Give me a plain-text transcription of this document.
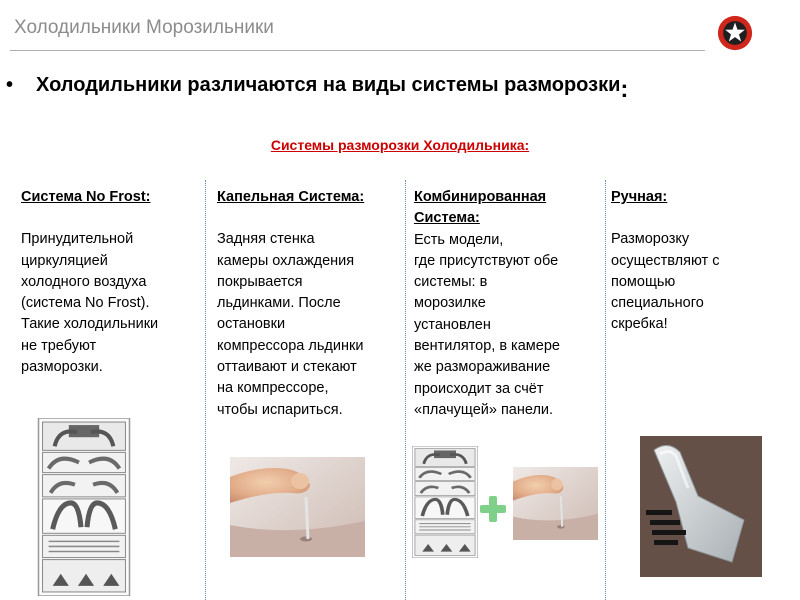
Холодильники Морозильники
• Холодильники различаются на виды системы разморозки:
Системы разморозки Холодильника:
Система No Frost:

Принудительной

циркуляцией

холодного воздуха

(система No Frost).

Такие холодильники

не требуют

разморозки.

Капельная Система:

Задняя стенка

камеры охлаждения

покрывается

льдинками. После

остановки

компрессора льдинки

оттаивают и стекают

на компрессоре,

чтобы испариться.

Комбинированная
Система:

Есть модели,

где присутствуют обе

системы: в

морозилке

установлен

вентилятор, в камере

же размораживание

происходит за счёт

«плачущей» панели.

Ручная:

Разморозку

осуществляют с

помощью

специального

скребка!
